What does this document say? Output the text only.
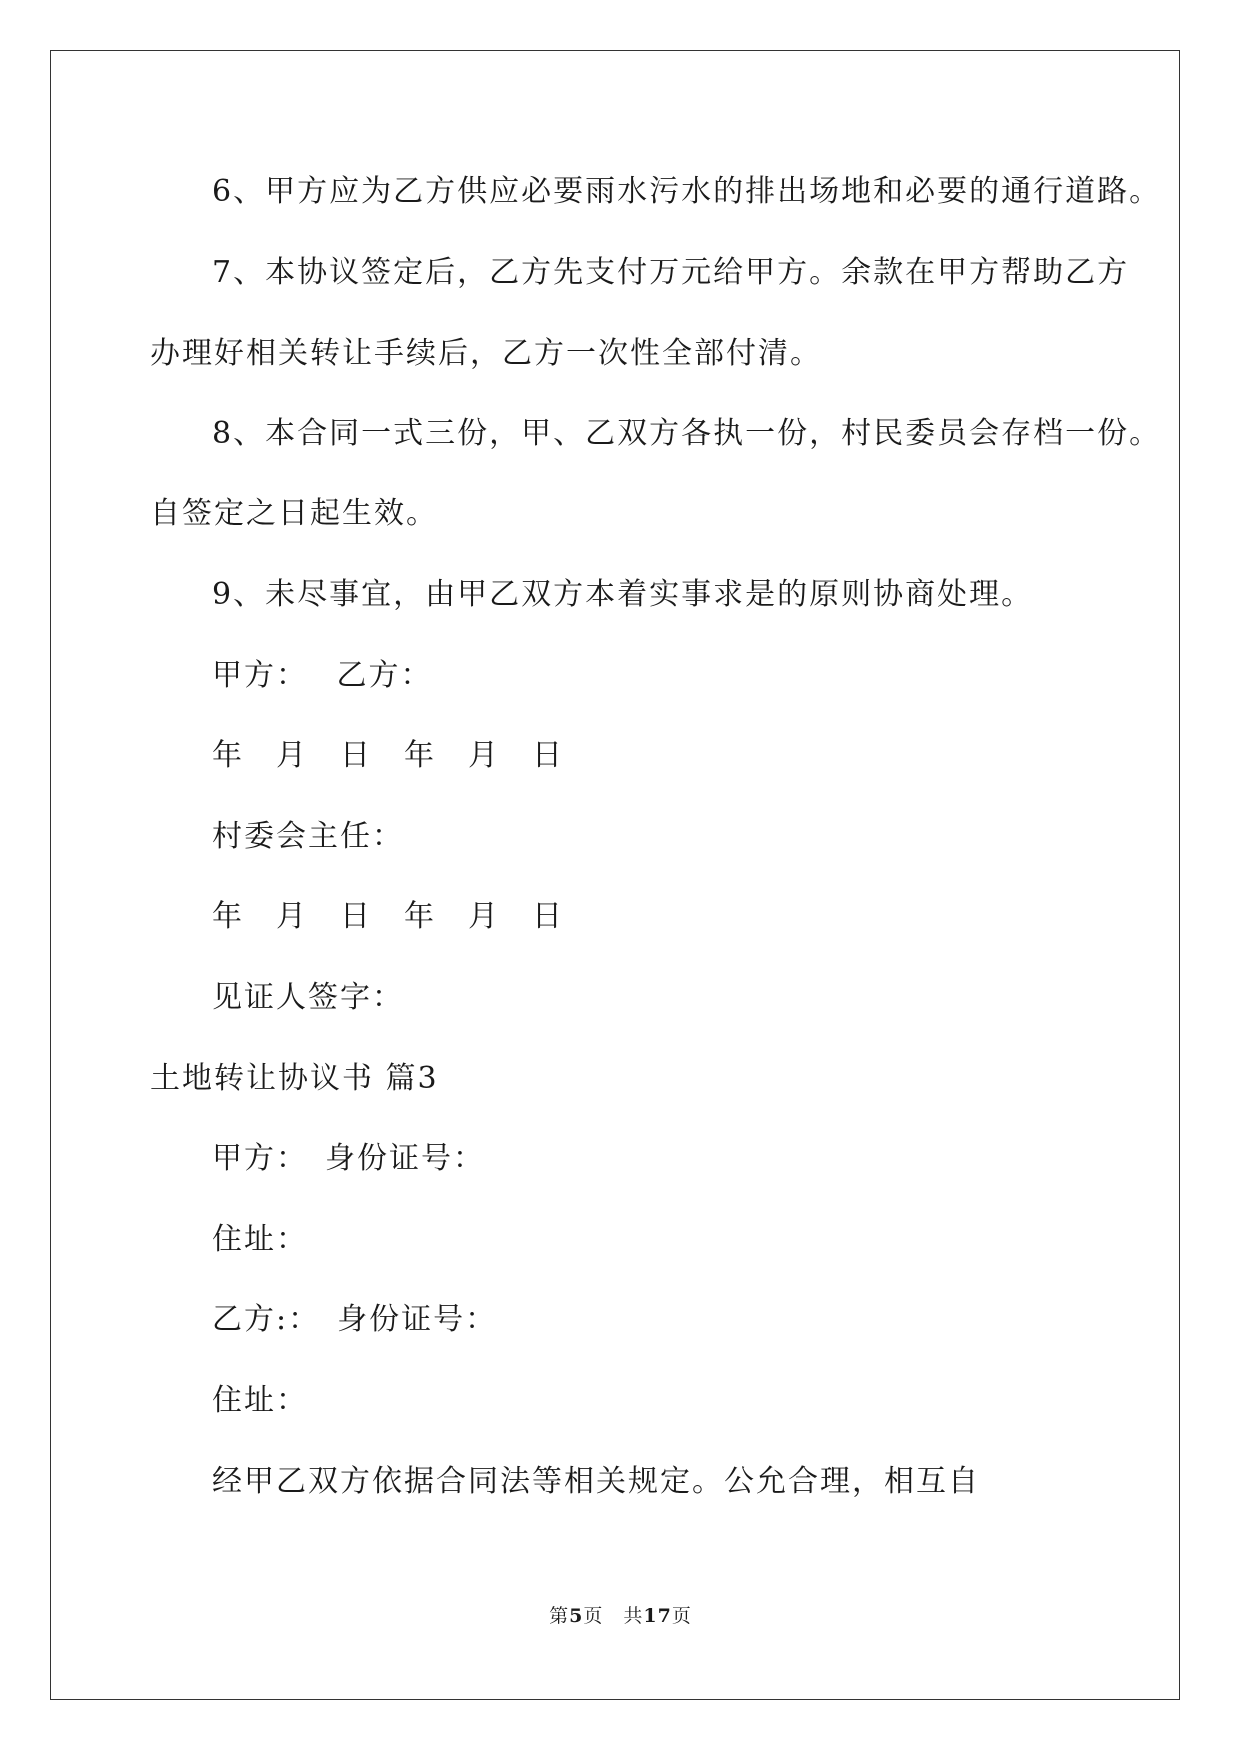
6、甲方应为乙方供应必要雨水污水的排出场地和必要的通行道路。
7、本协议签定后，乙方先支付万元给甲方。余款在甲方帮助乙方
办理好相关转让手续后，乙方一次性全部付清。
8、本合同一式三份，甲、乙双方各执一份，村民委员会存档一份。
自签定之日起生效。
9、未尽事宜，由甲乙双方本着实事求是的原则协商处理。
甲方：　 乙方：
年　月　日　年　月　日
村委会主任：
年　月　日　年　月　日
见证人签字：
土地转让协议书 篇3
甲方：　身份证号：
住址：
乙方:：　身份证号：
住址：
经甲乙双方依据合同法等相关规定。公允合理，相互自
第5页  共17页
